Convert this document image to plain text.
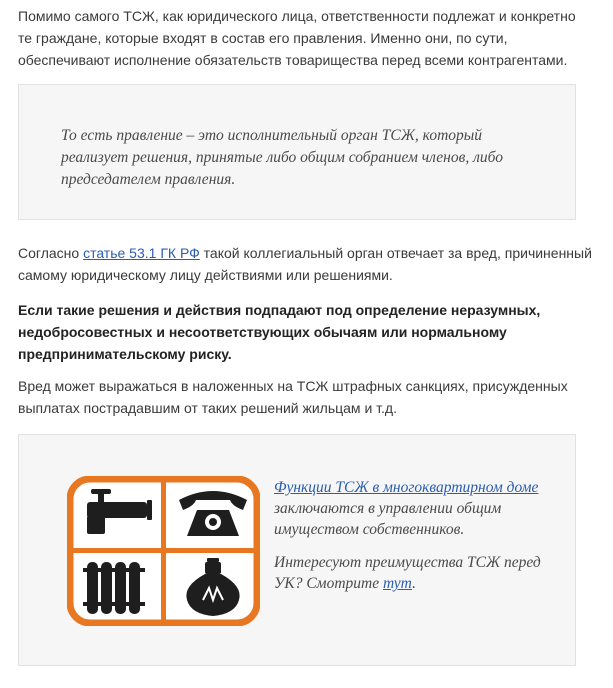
Помимо самого ТСЖ, как юридического лица, ответственности подлежат и конкретно те граждане, которые входят в состав его правления. Именно они, по сути, обеспечивают исполнение обязательств товарищества перед всеми контрагентами.

То есть правление – это исполнительный орган ТСЖ, который реализует решения, принятые либо общим собранием членов, либо председателем правления.

Согласно статье 53.1 ГК РФ такой коллегиальный орган отвечает за вред, причиненный самому юридическому лицу действиями или решениями.

Если такие решения и действия подпадают под определение неразумных, недобросовестных и несоответствующих обычаям или нормальному предпринимательскому риску.

Вред может выражаться в наложенных на ТСЖ штрафных санкциях, присужденных выплатах пострадавшим от таких решений жильцам и т.д.

Функции ТСЖ в многоквартирном доме заключаются в управлении общим имуществом собственников.

Интересуют преимущества ТСЖ перед УК? Смотрите тут.
